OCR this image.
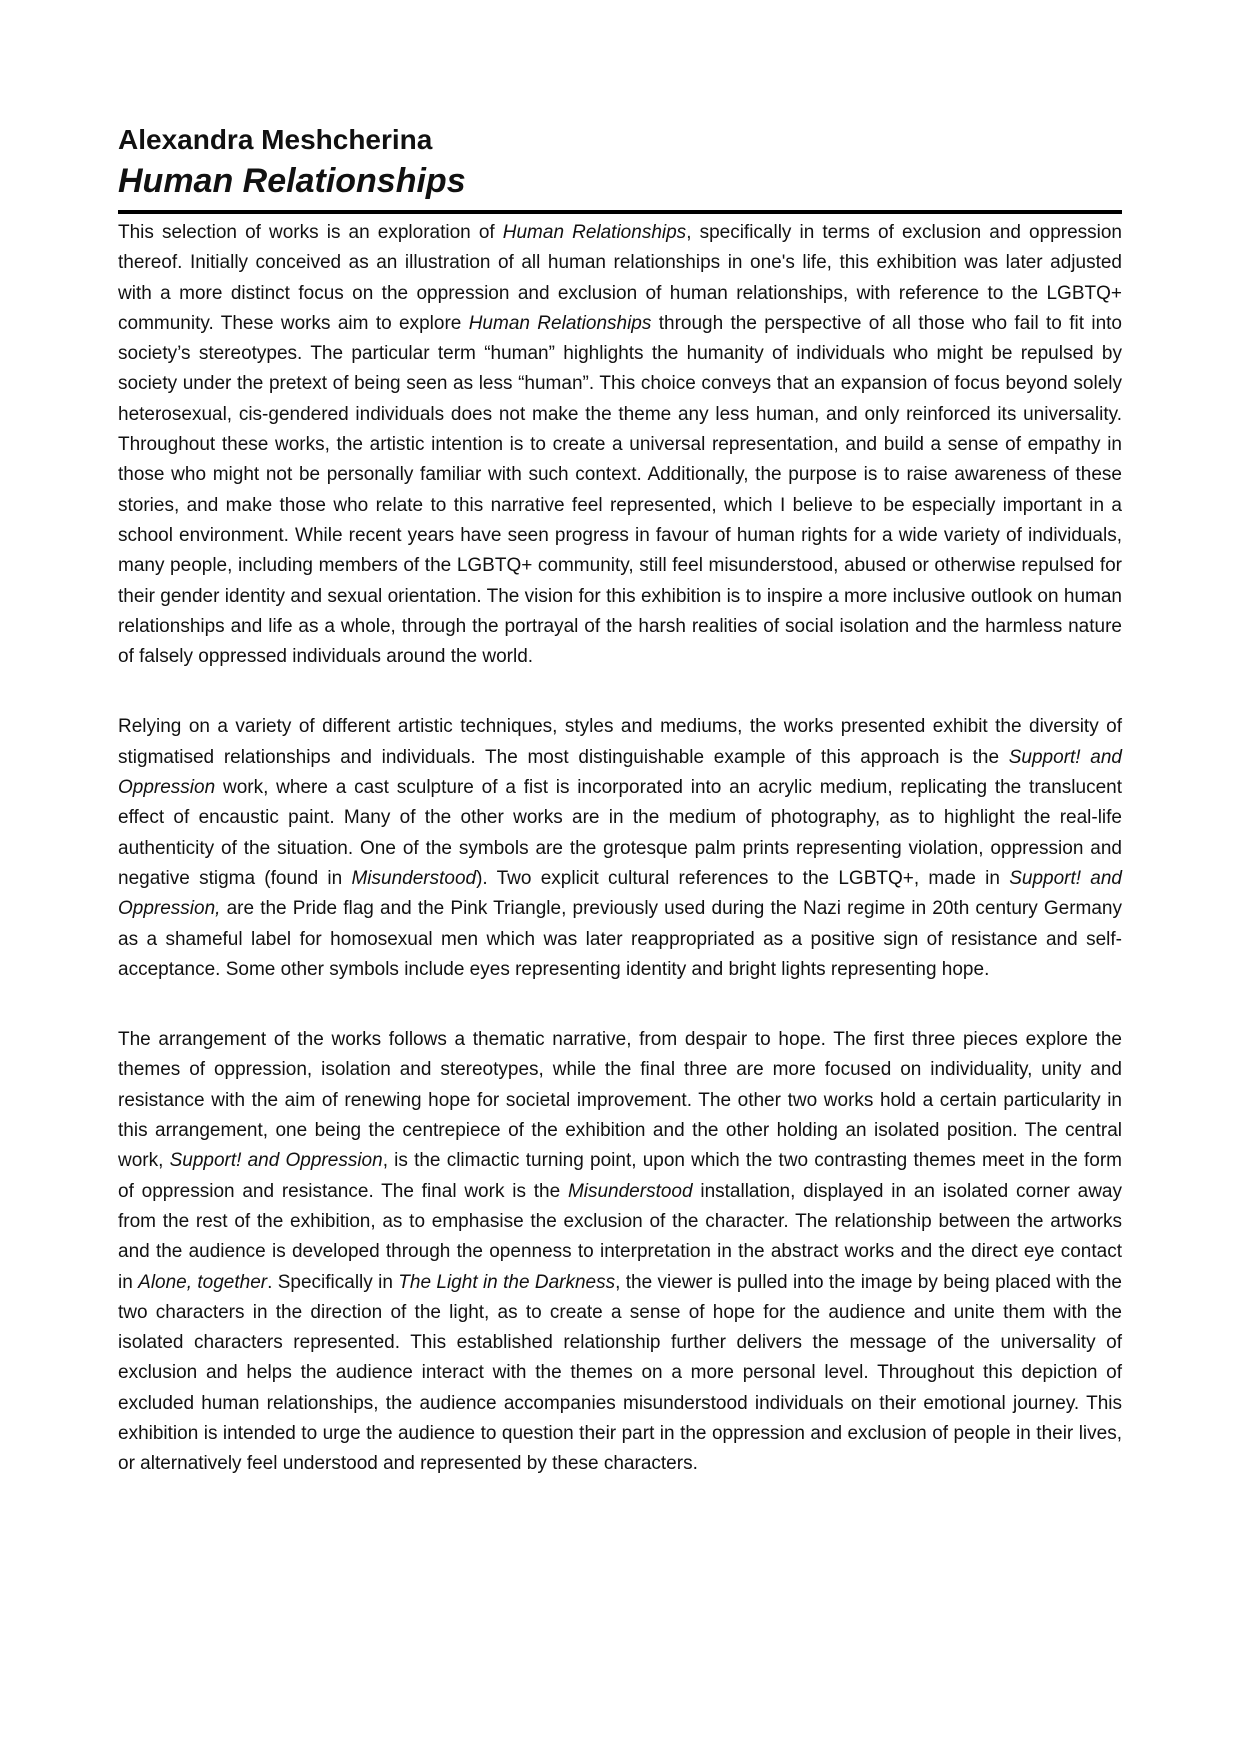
Alexandra Meshcherina
Human Relationships

This selection of works is an exploration of Human Relationships, specifically in terms of exclusion and oppression thereof. Initially conceived as an illustration of all human relationships in one's life, this exhibition was later adjusted with a more distinct focus on the oppression and exclusion of human relationships, with reference to the LGBTQ+ community. These works aim to explore Human Relationships through the perspective of all those who fail to fit into society’s stereotypes. The particular term “human” highlights the humanity of individuals who might be repulsed by society under the pretext of being seen as less “human”. This choice conveys that an expansion of focus beyond solely heterosexual, cis-gendered individuals does not make the theme any less human, and only reinforced its universality. Throughout these works, the artistic intention is to create a universal representation, and build a sense of empathy in those who might not be personally familiar with such context. Additionally, the purpose is to raise awareness of these stories, and make those who relate to this narrative feel represented, which I believe to be especially important in a school environment. While recent years have seen progress in favour of human rights for a wide variety of individuals, many people, including members of the LGBTQ+ community, still feel misunderstood, abused or otherwise repulsed for their gender identity and sexual orientation. The vision for this exhibition is to inspire a more inclusive outlook on human relationships and life as a whole, through the portrayal of the harsh realities of social isolation and the harmless nature of falsely oppressed individuals around the world.

Relying on a variety of different artistic techniques, styles and mediums, the works presented exhibit the diversity of stigmatised relationships and individuals. The most distinguishable example of this approach is the Support! and Oppression work, where a cast sculpture of a fist is incorporated into an acrylic medium, replicating the translucent effect of encaustic paint. Many of the other works are in the medium of photography, as to highlight the real-life authenticity of the situation. One of the symbols are the grotesque palm prints representing violation, oppression and negative stigma (found in Misunderstood). Two explicit cultural references to the LGBTQ+, made in Support! and Oppression, are the Pride flag and the Pink Triangle, previously used during the Nazi regime in 20th century Germany as a shameful label for homosexual men which was later reappropriated as a positive sign of resistance and self-acceptance. Some other symbols include eyes representing identity and bright lights representing hope.

The arrangement of the works follows a thematic narrative, from despair to hope. The first three pieces explore the themes of oppression, isolation and stereotypes, while the final three are more focused on individuality, unity and resistance with the aim of renewing hope for societal improvement. The other two works hold a certain particularity in this arrangement, one being the centrepiece of the exhibition and the other holding an isolated position. The central work, Support! and Oppression, is the climactic turning point, upon which the two contrasting themes meet in the form of oppression and resistance. The final work is the Misunderstood installation, displayed in an isolated corner away from the rest of the exhibition, as to emphasise the exclusion of the character. The relationship between the artworks and the audience is developed through the openness to interpretation in the abstract works and the direct eye contact in Alone, together. Specifically in The Light in the Darkness, the viewer is pulled into the image by being placed with the two characters in the direction of the light, as to create a sense of hope for the audience and unite them with the isolated characters represented. This established relationship further delivers the message of the universality of exclusion and helps the audience interact with the themes on a more personal level. Throughout this depiction of excluded human relationships, the audience accompanies misunderstood individuals on their emotional journey. This exhibition is intended to urge the audience to question their part in the oppression and exclusion of people in their lives, or alternatively feel understood and represented by these characters.
